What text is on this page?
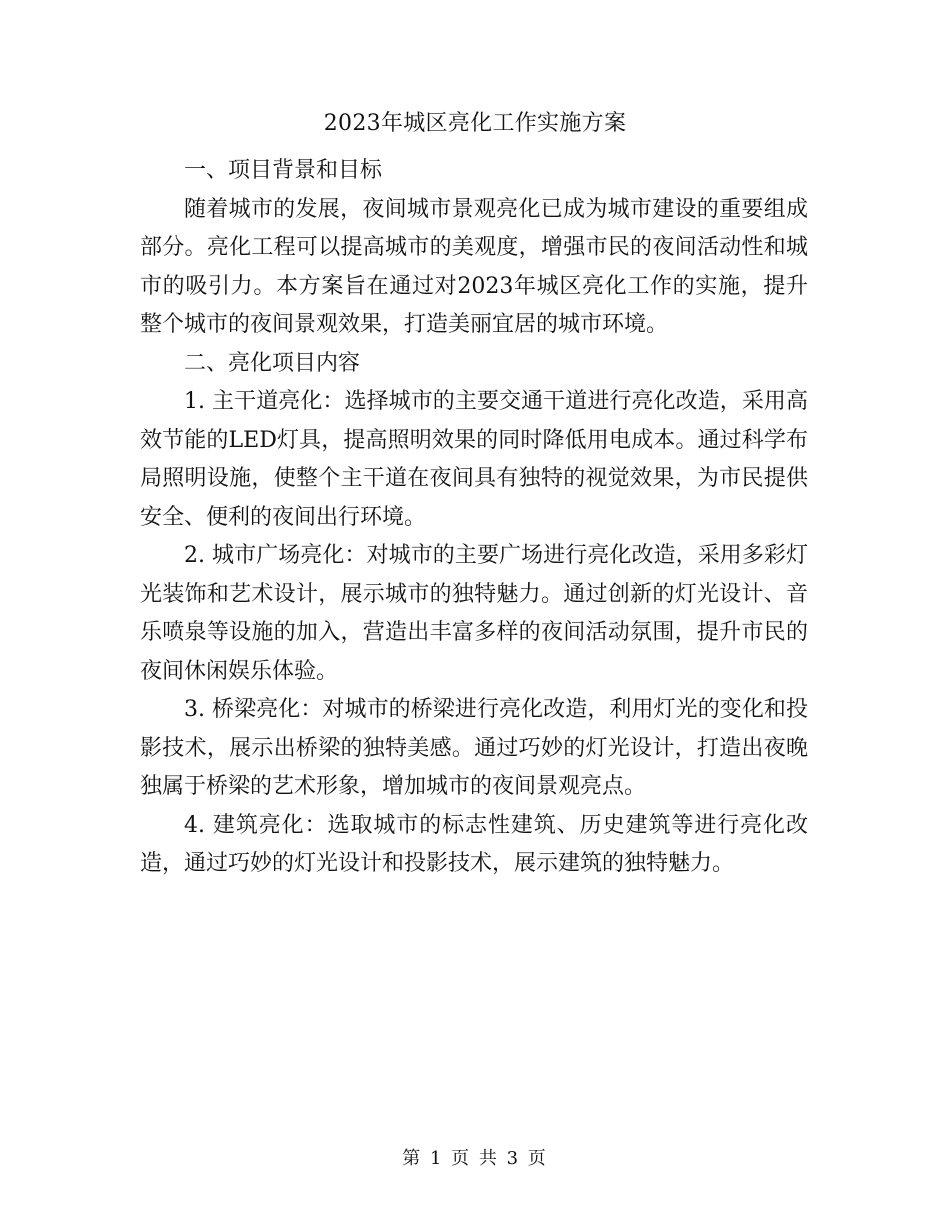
2023年城区亮化工作实施方案

一、项目背景和目标

随着城市的发展，夜间城市景观亮化已成为城市建设的重要组成部分。亮化工程可以提高城市的美观度，增强市民的夜间活动性和城市的吸引力。本方案旨在通过对2023年城区亮化工作的实施，提升整个城市的夜间景观效果，打造美丽宜居的城市环境。

二、亮化项目内容

1. 主干道亮化：选择城市的主要交通干道进行亮化改造，采用高效节能的LED灯具，提高照明效果的同时降低用电成本。通过科学布局照明设施，使整个主干道在夜间具有独特的视觉效果，为市民提供安全、便利的夜间出行环境。

2. 城市广场亮化：对城市的主要广场进行亮化改造，采用多彩灯光装饰和艺术设计，展示城市的独特魅力。通过创新的灯光设计、音乐喷泉等设施的加入，营造出丰富多样的夜间活动氛围，提升市民的夜间休闲娱乐体验。

3. 桥梁亮化：对城市的桥梁进行亮化改造，利用灯光的变化和投影技术，展示出桥梁的独特美感。通过巧妙的灯光设计，打造出夜晚独属于桥梁的艺术形象，增加城市的夜间景观亮点。

4. 建筑亮化：选取城市的标志性建筑、历史建筑等进行亮化改造，通过巧妙的灯光设计和投影技术，展示建筑的独特魅力。

第 1 页 共 3 页
